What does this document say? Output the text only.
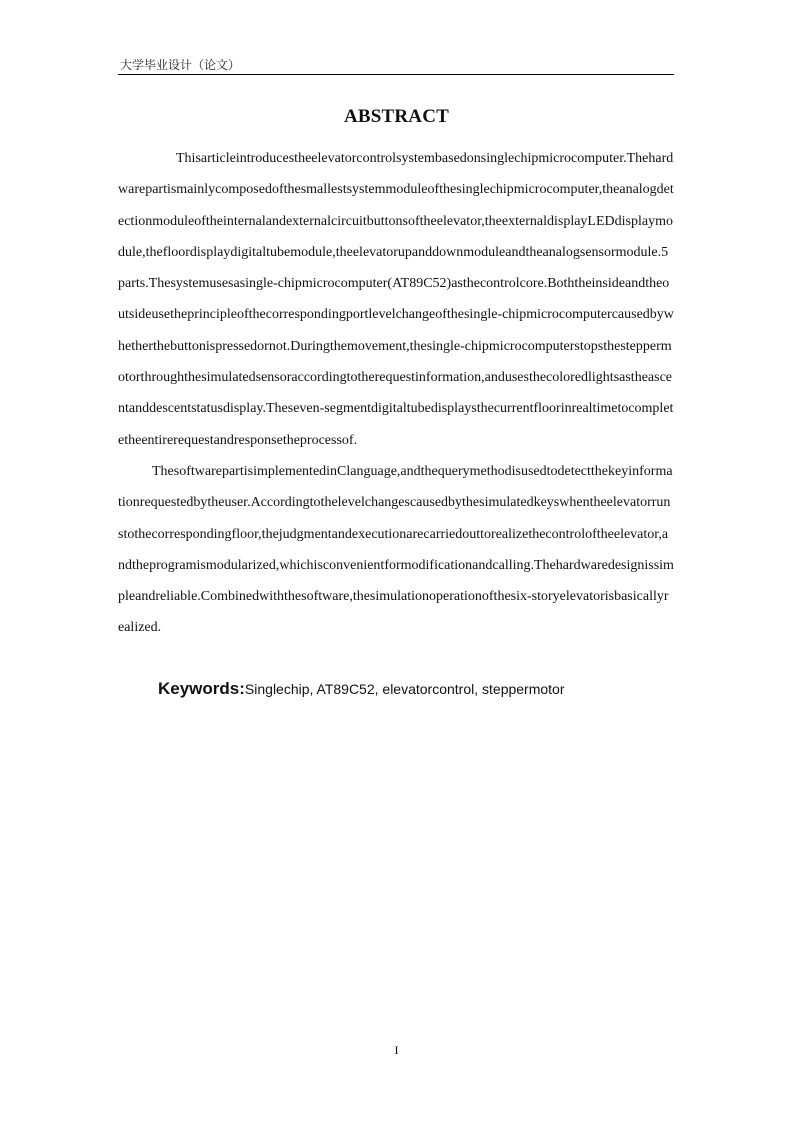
大学毕业设计（论文）
ABSTRACT

Thisarticleintroducestheelevatorcontrolsystembasedonsinglechipmicrocomputer.Thehardwarepartismainlycomposedofthesmallestsystemmoduleofthesinglechipmicrocomputer,theanalogdetectionmoduleoftheinternalandexternalcircuitbuttonsoftheelevator,theexternaldisplayLEDdisplaymodule,thefloordisplaydigitaltubemodule,theelevatorupanddownmoduleandtheanalogsensormodule.5parts.Thesystemusesasingle-chipmicrocomputer(AT89C52)asthecontrolcore.Boththeinsideandtheoutsideusetheprincipleofthecorrespondingportlevelchangeofthesingle-chipmicrocomputercausedbywhetherthebuttonispressedornot.Duringthemovement,thesingle-chipmicrocomputerstopsthesteppermotorthroughthesimulatedsensoraccordingtotherequestinformation,andusesthecoloredlightsastheascentanddescentstatusdisplay.Theseven-segmentdigitaltubedisplaysthecurrentfloorinrealtimetocompletetheentirerequestandresponsetheprocessof.

ThesoftwarepartisimplementedinClanguage,andthequerymethodisusedtodetectthekeyinformationrequestedbytheuser.Accordingtothelevelchangescausedbythesimulatedkeyswhentheelevatorrunstothecorrespondingfloor,thejudgmentandexecutionarecarriedouttorealizethecontroloftheelevator,andtheprogramismodularized,whichisconvenientformodificationandcalling.Thehardwaredesignissimpleandreliable.Combinedwiththesoftware,thesimulationoperationofthesix-storyelevatorisbasicallyrealized.

Keywords:Singlechip, AT89C52, elevatorcontrol, steppermotor
I
